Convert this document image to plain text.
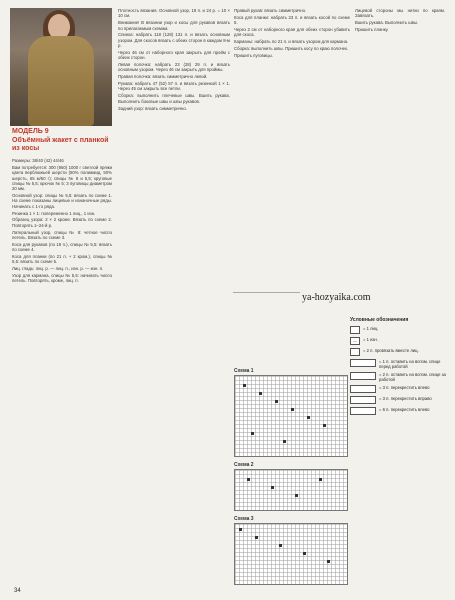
МОДЕЛЬ 9
Объёмный жакет с планкой из косы

Размеры: 38/40 (42) 44/46

Вам потребуется: 300 (950) 1000 г светлой пряжи цвета верблюжьей шерсти (50% полиамид, 50% шерсть, 65 м/50 г); спицы № 8 и 5,5; круговые спицы № 5,5; крючок № 5; 3 пуговицы диаметром 20 мм.

Основной узор: спицы № 5,5: вязать по схеме 1. На схеме показаны лицевые и изнаночные ряды. Начинать с 1-го ряда.

Резинка 1 × 1: попеременно 1 лиц., 1 изн.

Образец узора: 2 × 2 кроме. Вязать по схеме 2. Повторять 1–24-й р.

Латеральный узор, спицы № 8: четное число петель. Вязать по схеме 3.

Коса для рукавов (по 19 п.), спицы № 5,5: вязать по схеме 4.

Коса для планки (по 21 п. + 2 кром.), спицы № 5,5: вязать по схеме 5.

Лиц. гладь: лиц. р. — лиц. п., изн. р. — изн. п.

Узор для кармана, спицы № 5,5: начинать число петель. Повторять, кроме, лиц. п.

Плотность вязания. Основной узор, 18 п. и 24 р. = 10 × 10 см.

Внимание! В вязании узор и косы для рукавов вязать по прилагаемым схемам.

Спинка: набрать 118 (128) 131 п. и вязать основным узором. Для скосов вязать с обеих сторон в каждом 8-м р.

Через 46 см от наборного края закрыть для пройм с обеих сторон.

Левая полочка: набрать 23 (28) 29 п. и вязать основным узором. Через 46 см закрыть для проймы.

Правая полочка: вязать симметрично левой.

Рукава: набрать 47 (52) 57 п. и вязать резинкой 1 × 1. Через 45 см закрыть все петли.

Сборка: выполнить плечевые швы. Вшить рукава. Выполнить боковые швы и швы рукавов.

Задний узор: вязать симметрично.

Правый рукав: вязать симметрично.

Коса для планки: набрать 23 п. и вязать косой по схеме 5.

Через 2 см от наборного края для обеих сторон убавить для скоса.

Карманы: набрать по 21 п. и вязать узором для кармана.

Сборка: выполнить швы. Пришить косу по краю полочек.

Пришить пуговицы.

Лицевой стороны мы нитки по краям. Завязать.

Вшить рукава. Выполнить швы.

Пришить планку.

ya-hozyaika.com
Схема 1
Схема 2
Схема 3
Условные обозначения
= 1 лиц.
—	= 1 изн.
= 2 п. провязать вместе лиц.
= 1 п. оставить на вспом. спице перед работой
= 2 п. оставить на вспом. спице за работой
= 3 п. перекрестить влево
= 3 п. перекрестить вправо
= 6 п. перекрестить влево
34
